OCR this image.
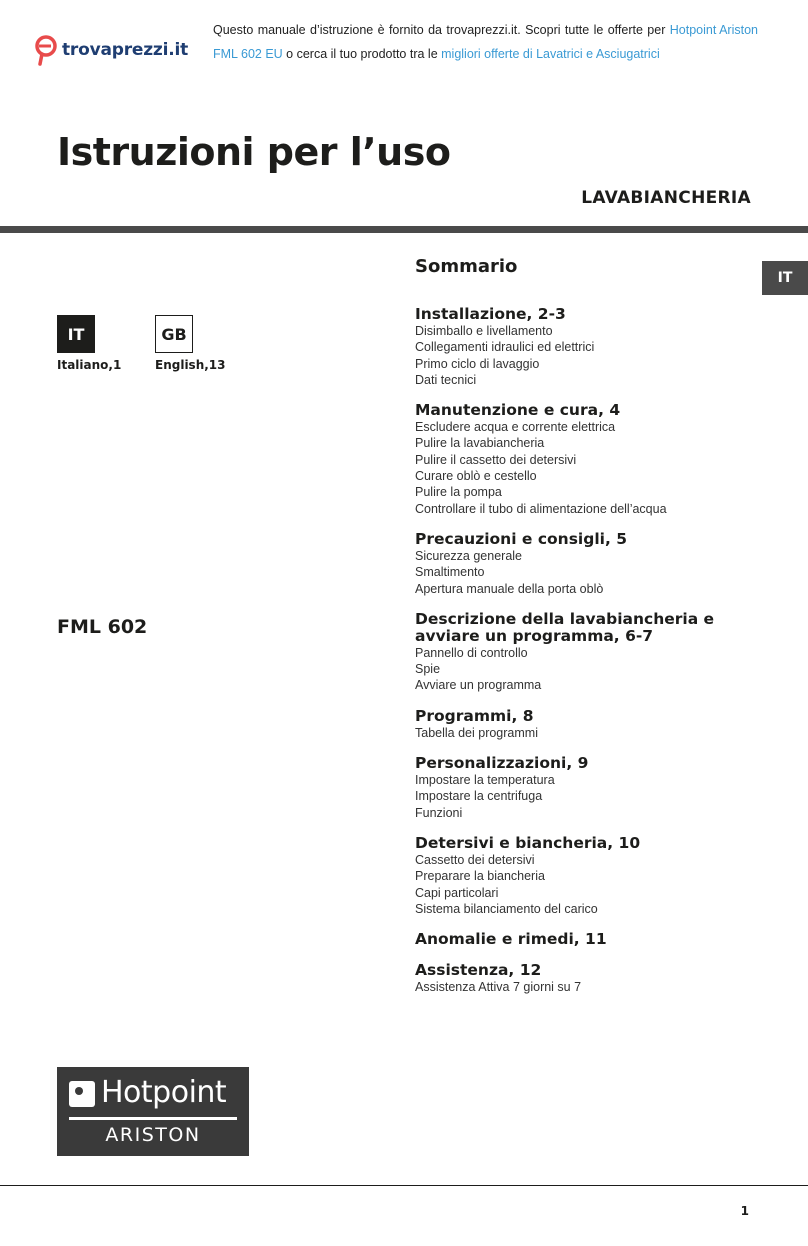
trovaprezzi.it
Questo manuale d’istruzione è fornito da trovaprezzi.it. Scopri tutte le offerte per Hotpoint Ariston
FML 602 EU o cerca il tuo prodotto tra le migliori offerte di Lavatrici e Asciugatrici
Istruzioni per l’uso
LAVABIANCHERIA
IT	GB
Italiano,1	English,13
IT
FML 602
Sommario
Installazione, 2-3
Disimballo e livellamento
Collegamenti idraulici ed elettrici
Primo ciclo di lavaggio
Dati tecnici
Manutenzione e cura, 4
Escludere acqua e corrente elettrica
Pulire la lavabiancheria
Pulire il cassetto dei detersivi
Curare oblò e cestello
Pulire la pompa
Controllare il tubo di alimentazione dell’acqua
Precauzioni e consigli, 5
Sicurezza generale
Smaltimento
Apertura manuale della porta oblò
Descrizione della lavabiancheria e avviare un programma, 6-7
Pannello di controllo
Spie
Avviare un programma
Programmi, 8
Tabella dei programmi
Personalizzazioni, 9
Impostare la temperatura
Impostare la centrifuga
Funzioni
Detersivi e biancheria, 10
Cassetto dei detersivi
Preparare la biancheria
Capi particolari
Sistema bilanciamento del carico
Anomalie e rimedi, 11
Assistenza, 12
Assistenza Attiva 7 giorni su 7
Hotpoint
ARISTON
1
